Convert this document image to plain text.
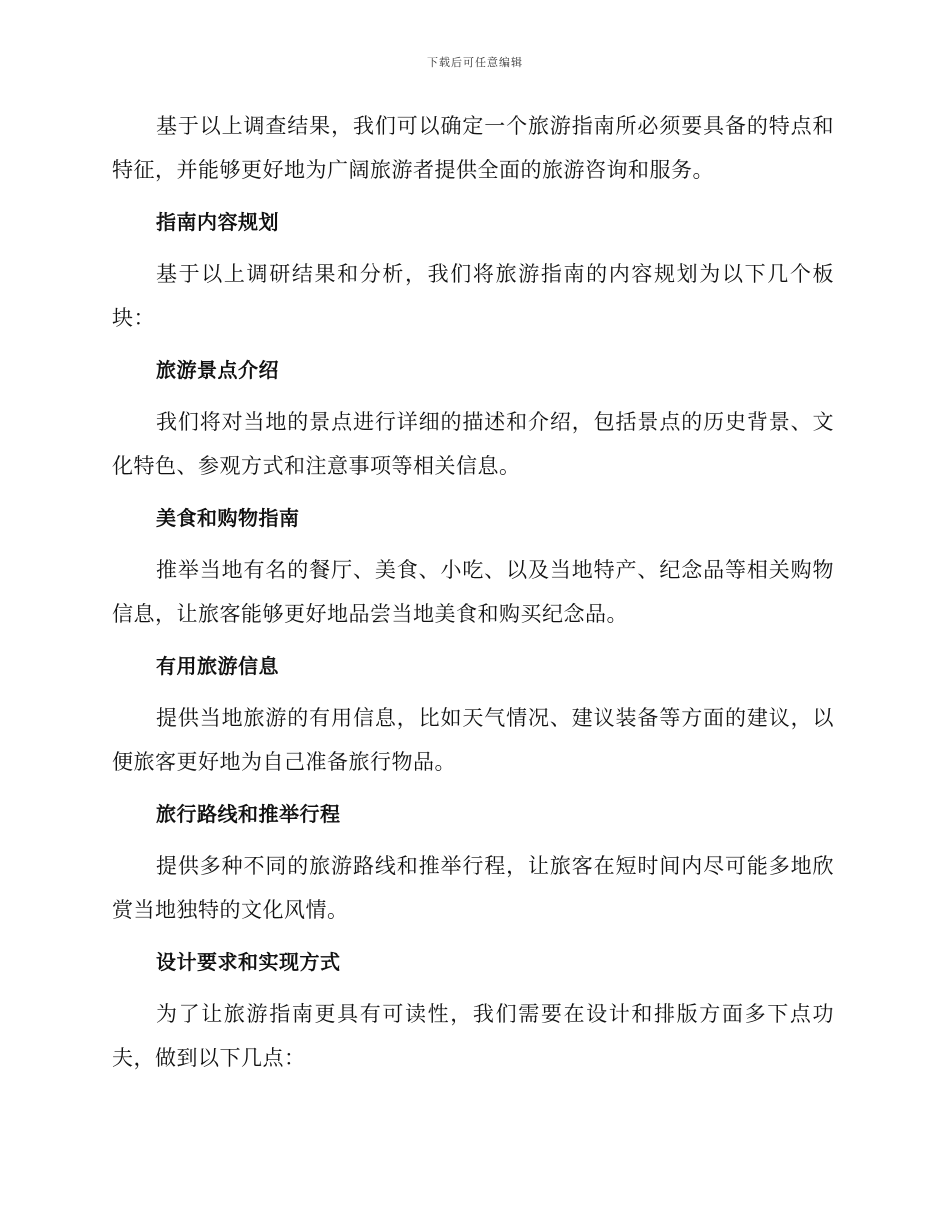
下载后可任意编辑

基于以上调查结果，我们可以确定一个旅游指南所必须要具备的特点和特征，并能够更好地为广阔旅游者提供全面的旅游咨询和服务。

指南内容规划

基于以上调研结果和分析，我们将旅游指南的内容规划为以下几个板块：

旅游景点介绍

我们将对当地的景点进行详细的描述和介绍，包括景点的历史背景、文化特色、参观方式和注意事项等相关信息。

美食和购物指南

推举当地有名的餐厅、美食、小吃、以及当地特产、纪念品等相关购物信息，让旅客能够更好地品尝当地美食和购买纪念品。

有用旅游信息

提供当地旅游的有用信息，比如天气情况、建议装备等方面的建议，以便旅客更好地为自己准备旅行物品。

旅行路线和推举行程

提供多种不同的旅游路线和推举行程，让旅客在短时间内尽可能多地欣赏当地独特的文化风情。

设计要求和实现方式

为了让旅游指南更具有可读性，我们需要在设计和排版方面多下点功夫，做到以下几点：
